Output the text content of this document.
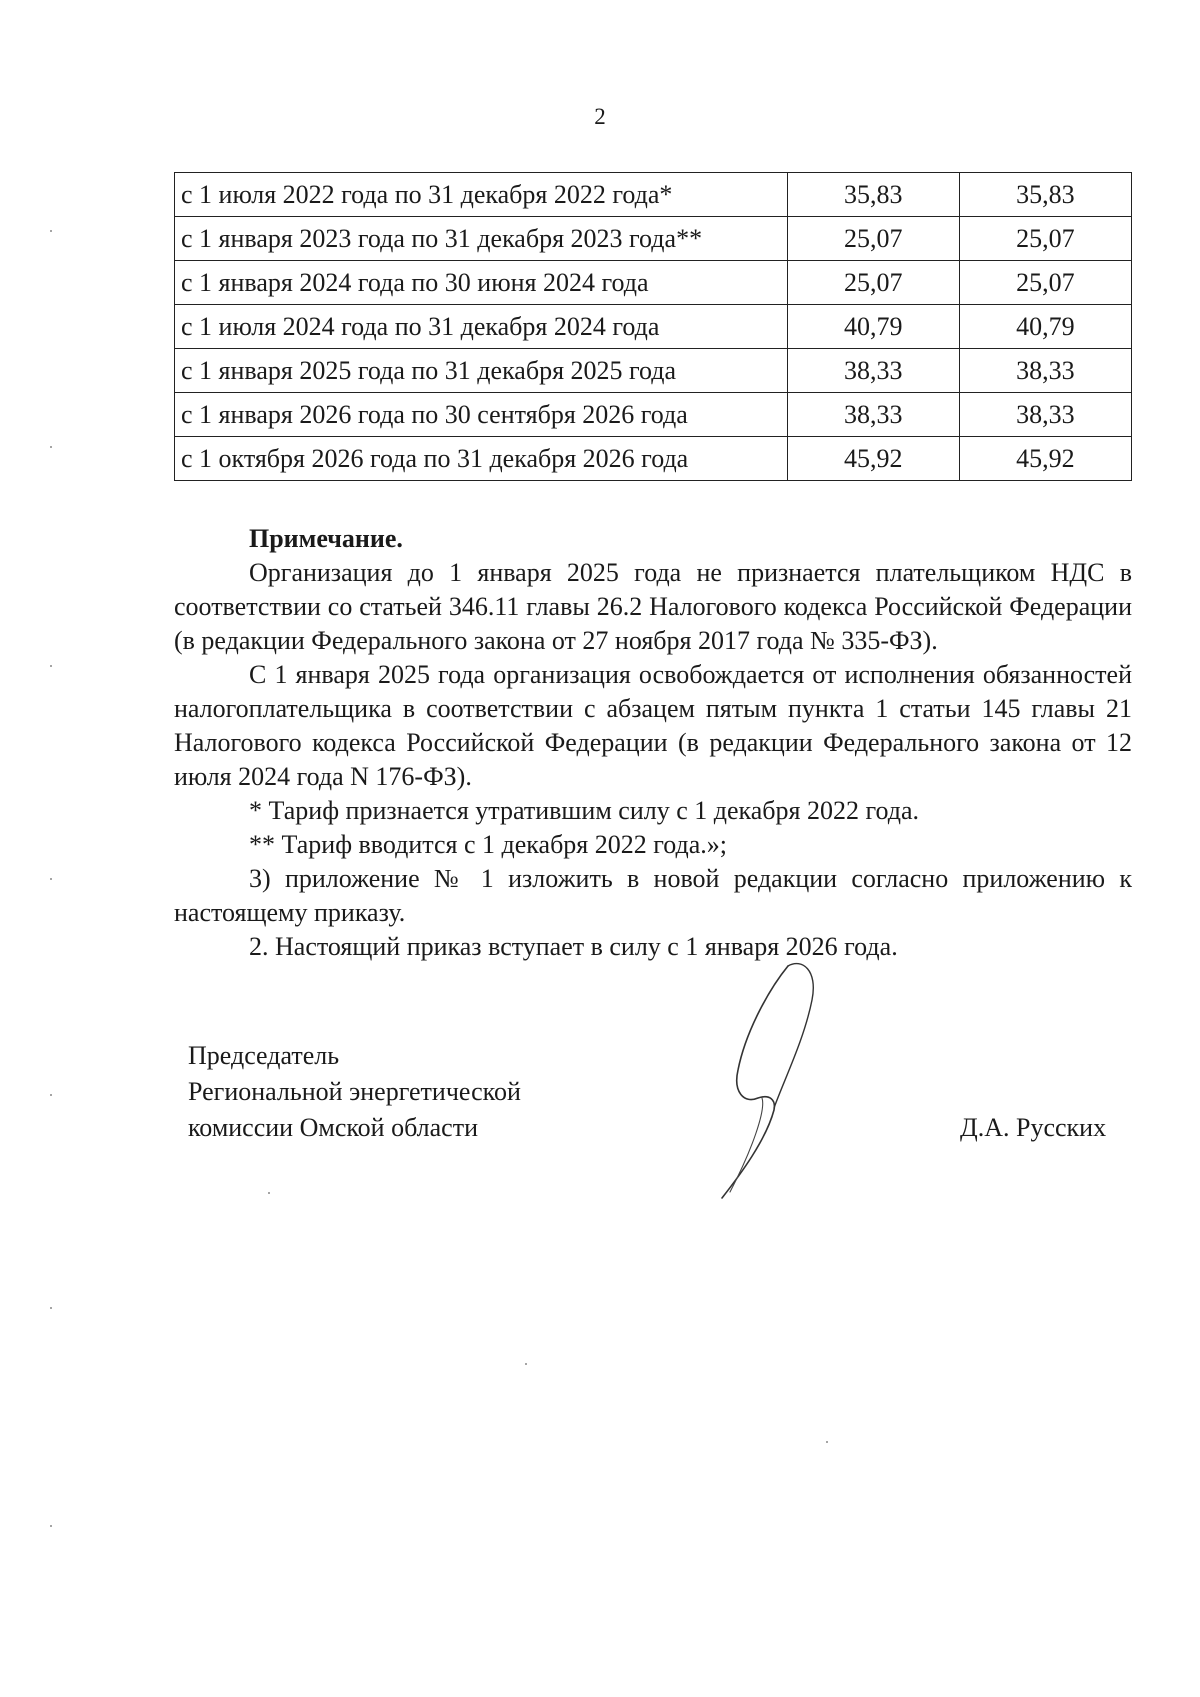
2
с 1 июля 2022 года по 31 декабря 2022 года*	35,83	35,83
с 1 января 2023 года по 31 декабря 2023 года**	25,07	25,07
с 1 января 2024 года по 30 июня 2024 года	25,07	25,07
с 1 июля 2024 года по 31 декабря 2024 года	40,79	40,79
с 1 января 2025 года по 31 декабря 2025 года	38,33	38,33
с 1 января 2026 года по 30 сентября 2026 года	38,33	38,33
с 1 октября 2026 года по 31 декабря 2026 года	45,92	45,92

Примечание.

Организация до 1 января 2025 года не признается плательщиком НДС в соответствии со статьей 346.11 главы 26.2 Налогового кодекса Российской Федерации (в редакции Федерального закона от 27 ноября 2017 года № 335-ФЗ).

С 1 января 2025 года организация освобождается от исполнения обязанностей налогоплательщика в соответствии с абзацем пятым пункта 1 статьи 145 главы 21 Налогового кодекса Российской Федерации (в редакции Федерального закона от 12 июля 2024 года N 176-ФЗ).

* Тариф признается утратившим силу с 1 декабря 2022 года.

** Тариф вводится с 1 декабря 2022 года.»;

3) приложение № 1 изложить в новой редакции согласно приложению к настоящему приказу.

2. Настоящий приказ вступает в силу с 1 января 2026 года.

Председатель
Региональной энергетической
комиссии Омской области	Д.А. Русских
